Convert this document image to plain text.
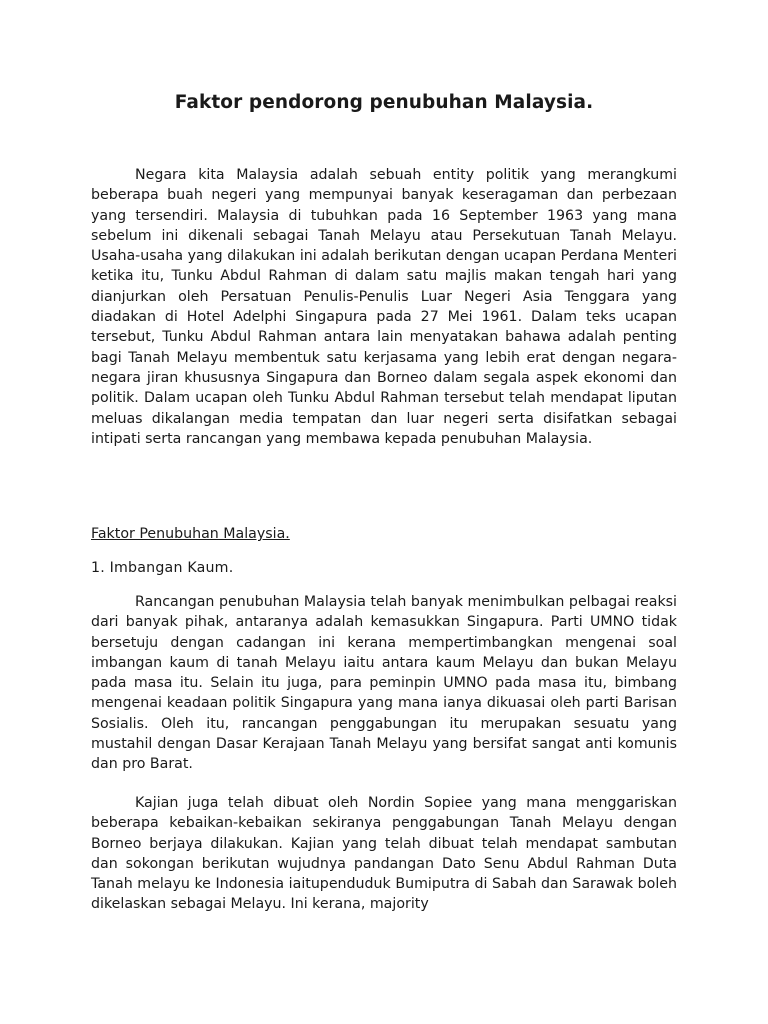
Faktor pendorong penubuhan Malaysia.

Negara kita Malaysia adalah sebuah entity politik yang merangkumi beberapa buah negeri yang mempunyai banyak keseragaman dan perbezaan yang tersendiri. Malaysia di tubuhkan pada 16 September 1963 yang mana sebelum ini dikenali sebagai Tanah Melayu atau Persekutuan Tanah Melayu. Usaha-usaha yang dilakukan ini adalah berikutan dengan ucapan Perdana Menteri ketika itu, Tunku Abdul Rahman di dalam satu majlis makan tengah hari yang dianjurkan oleh Persatuan Penulis-Penulis Luar Negeri Asia Tenggara yang diadakan di Hotel Adelphi Singapura pada 27 Mei 1961. Dalam teks ucapan tersebut, Tunku Abdul Rahman antara lain menyatakan bahawa adalah penting bagi Tanah Melayu membentuk satu kerjasama yang lebih erat dengan negara-negara jiran khususnya Singapura dan Borneo dalam segala aspek ekonomi dan politik. Dalam ucapan oleh Tunku Abdul Rahman tersebut telah mendapat liputan meluas dikalangan media tempatan dan luar negeri serta disifatkan sebagai intipati serta rancangan yang membawa kepada penubuhan Malaysia.

Faktor Penubuhan Malaysia.

1. Imbangan Kaum.

Rancangan penubuhan Malaysia telah banyak menimbulkan pelbagai reaksi dari banyak pihak, antaranya adalah kemasukkan Singapura. Parti UMNO tidak bersetuju dengan cadangan ini kerana mempertimbangkan mengenai soal imbangan kaum di tanah Melayu iaitu antara kaum Melayu dan bukan Melayu pada masa itu. Selain itu juga, para peminpin UMNO pada masa itu, bimbang mengenai keadaan politik Singapura yang mana ianya dikuasai oleh parti Barisan Sosialis. Oleh itu, rancangan penggabungan itu merupakan sesuatu yang mustahil dengan Dasar Kerajaan Tanah Melayu yang bersifat sangat anti komunis dan pro Barat.

Kajian juga telah dibuat oleh Nordin Sopiee yang mana menggariskan beberapa kebaikan-kebaikan sekiranya penggabungan Tanah Melayu dengan Borneo berjaya dilakukan. Kajian yang telah dibuat telah mendapat sambutan dan sokongan berikutan wujudnya pandangan Dato Senu Abdul Rahman Duta Tanah melayu ke Indonesia iaitupenduduk Bumiputra di Sabah dan Sarawak boleh dikelaskan sebagai Melayu. Ini kerana, majority
